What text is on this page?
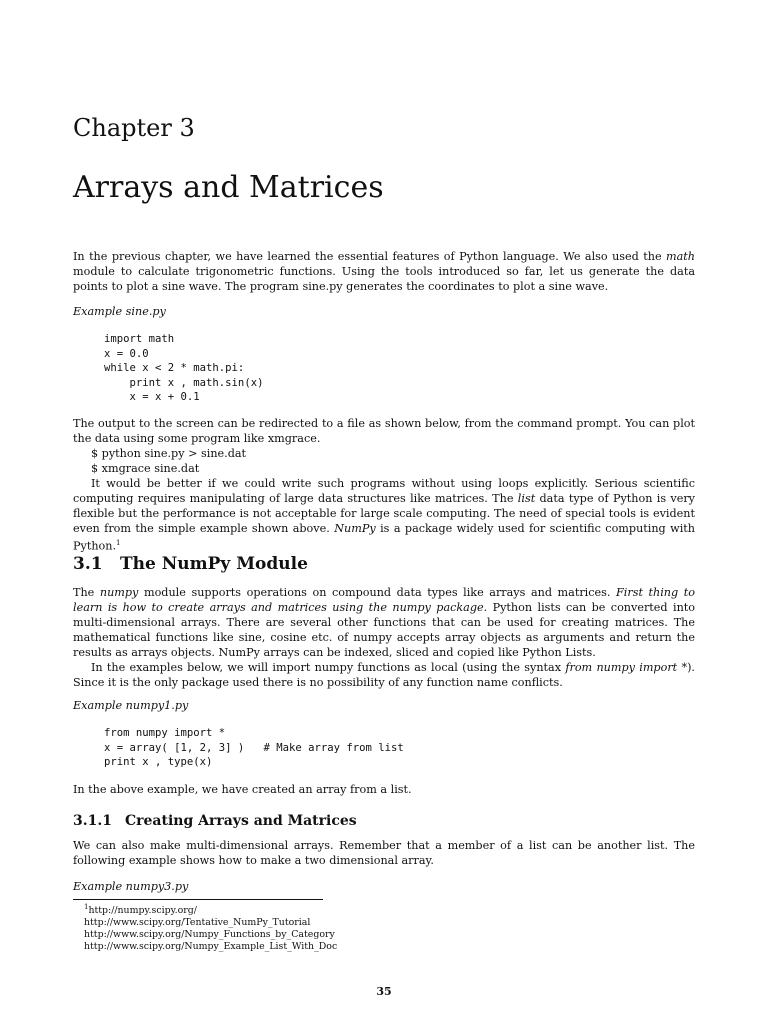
Chapter 3
Arrays and Matrices

In the previous chapter, we have learned the essential features of Python language. We also used the math module to calculate trigonometric functions. Using the tools introduced so far, let us generate the data points to plot a sine wave. The program sine.py generates the coordinates to plot a sine wave.

Example sine.py
import math
x = 0.0
while x < 2 * math.pi:
print x , math.sin(x)
x = x + 0.1

The output to the screen can be redirected to a file as shown below, from the command prompt. You can plot the data using some program like xmgrace.

$ python sine.py > sine.dat

$ xmgrace sine.dat

It would be better if we could write such programs without using loops explicitly. Serious scientific computing requires manipulating of large data structures like matrices. The list data type of Python is very flexible but the performance is not acceptable for large scale computing. The need of special tools is evident even from the simple example shown above. NumPy is a package widely used for scientific computing with Python.$^1$

3.1 The NumPy Module

The numpy module supports operations on compound data types like arrays and matrices. First thing to learn is how to create arrays and matrices using the numpy package. Python lists can be converted into multi-dimensional arrays. There are several other functions that can be used for creating matrices. The mathematical functions like sine, cosine etc. of numpy accepts array objects as arguments and return the results as arrays objects. NumPy arrays can be indexed, sliced and copied like Python Lists.

In the examples below, we will import numpy functions as local (using the syntax from numpy import *). Since it is the only package used there is no possibility of any function name conflicts.

Example numpy1.py
from numpy import *
x = array( [1, 2, 3] )   # Make array from list
print x , type(x)
In the above example, we have created an array from a list.
3.1.1 Creating Arrays and Matrices
We can also make multi-dimensional arrays. Remember that a member of a list can be another list. The following example shows how to make a two dimensional array.
Example numpy3.py
$^1$http://numpy.scipy.org/
http://www.scipy.org/Tentative_NumPy_Tutorial
http://www.scipy.org/Numpy_Functions_by_Category
http://www.scipy.org/Numpy_Example_List_With_Doc
35
